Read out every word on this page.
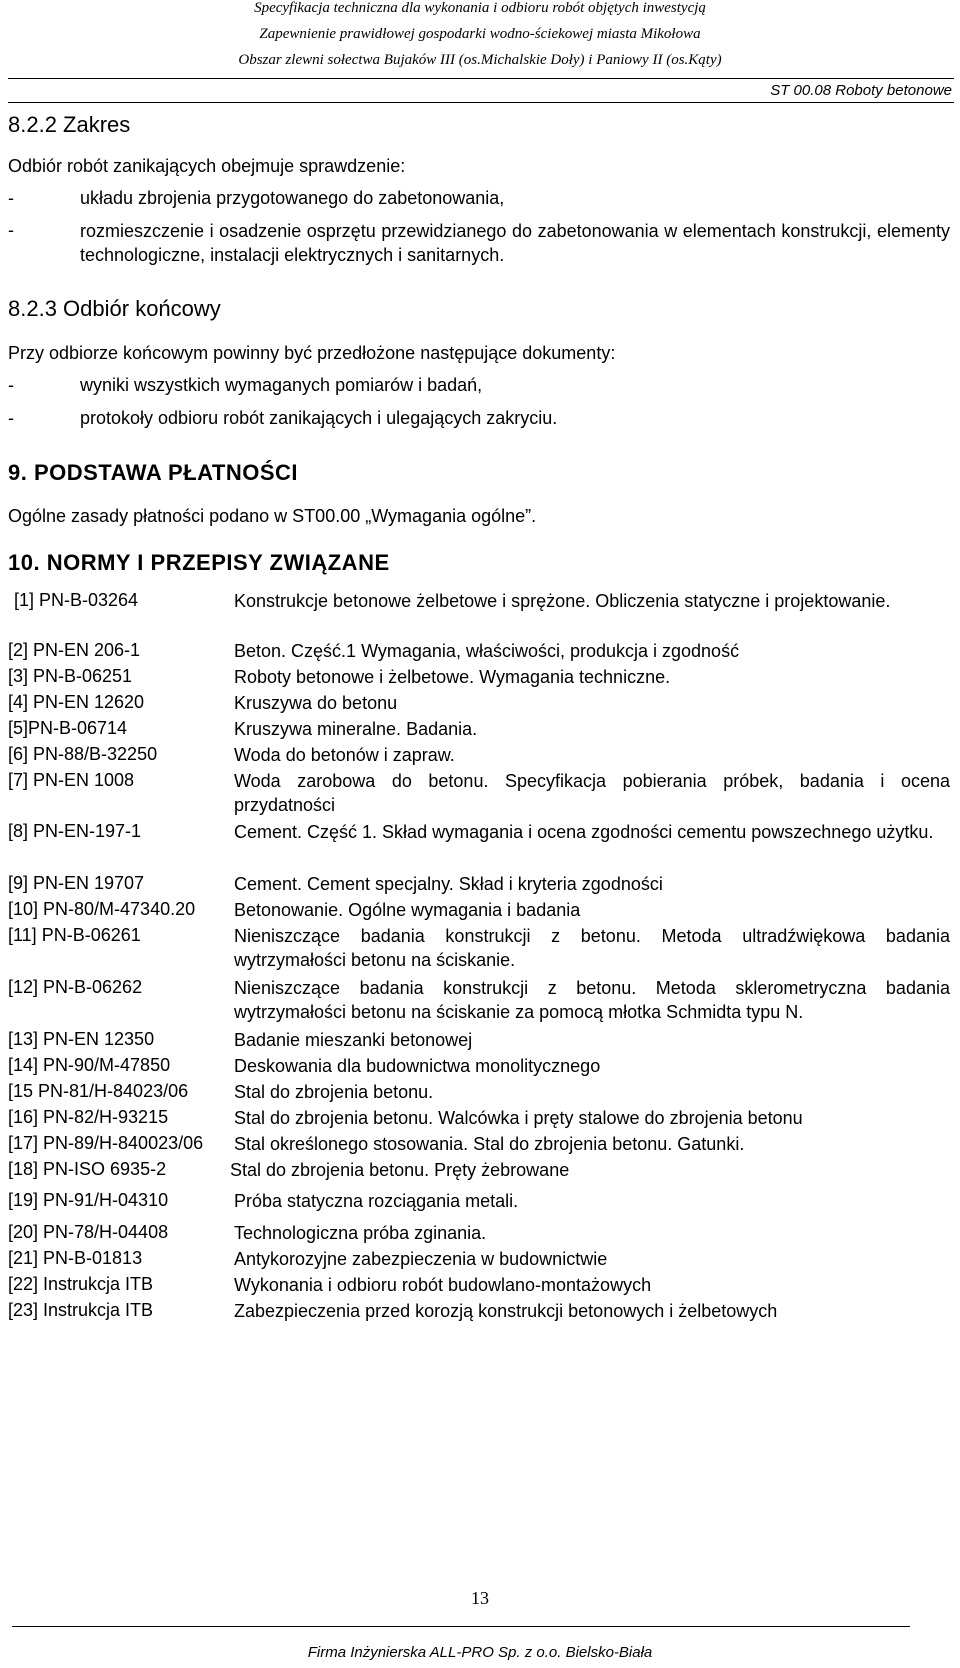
Specyfikacja techniczna dla wykonania i odbioru robót objętych inwestycją
Zapewnienie prawidłowej gospodarki wodno-ściekowej miasta Mikołowa
Obszar zlewni sołectwa Bujaków III (os.Michalskie Doły) i Paniowy II (os.Kąty)
ST 00.08 Roboty betonowe
8.2.2 Zakres
Odbiór robót zanikających obejmuje sprawdzenie:
-	układu zbrojenia przygotowanego do zabetonowania,
-	rozmieszczenie i osadzenie osprzętu przewidzianego do zabetonowania w elementach konstrukcji, elementy technologiczne, instalacji elektrycznych i sanitarnych.
8.2.3 Odbiór końcowy
Przy odbiorze końcowym powinny być przedłożone następujące dokumenty:
-	wyniki wszystkich wymaganych pomiarów i badań,
-	protokoły odbioru robót zanikających i ulegających zakryciu.
9. PODSTAWA PŁATNOŚCI
Ogólne zasady płatności podano w ST00.00 „Wymagania ogólne”.
10. NORMY I PRZEPISY ZWIĄZANE
[1] PN-B-03264	Konstrukcje betonowe żelbetowe i sprężone. Obliczenia statyczne i projektowanie.
[2] PN-EN 206-1	Beton. Część.1 Wymagania, właściwości, produkcja i zgodność
[3] PN-B-06251	Roboty betonowe i żelbetowe. Wymagania techniczne.
[4] PN-EN 12620	Kruszywa do betonu
[5]PN-B-06714	Kruszywa mineralne. Badania.
[6] PN-88/B-32250	Woda do betonów i zapraw.
[7] PN-EN 1008	Woda zarobowa do betonu. Specyfikacja pobierania próbek, badania i ocena przydatności
[8] PN-EN-197-1	Cement. Część 1. Skład wymagania i ocena zgodności cementu powszechnego użytku.
[9] PN-EN 19707	Cement. Cement specjalny. Skład i kryteria zgodności
[10] PN-80/M-47340.20 Betonowanie. Ogólne wymagania i badania
[11] PN-B-06261	Nieniszczące badania konstrukcji z betonu. Metoda ultradźwiękowa badania wytrzymałości betonu na ściskanie.
[12] PN-B-06262	Nieniszczące badania konstrukcji z betonu. Metoda sklerometryczna badania wytrzymałości betonu na ściskanie za pomocą młotka Schmidta typu N.
[13] PN-EN 12350	Badanie mieszanki betonowej
[14] PN-90/M-47850	Deskowania dla budownictwa monolitycznego
[15 PN-81/H-84023/06	Stal do zbrojenia betonu.
[16] PN-82/H-93215	Stal do zbrojenia betonu. Walcówka i pręty stalowe do zbrojenia betonu
[17] PN-89/H-840023/06 Stal określonego stosowania. Stal do zbrojenia betonu. Gatunki.
[18] PN-ISO 6935-2	Stal do zbrojenia betonu. Pręty żebrowane
[19] PN-91/H-04310	Próba statyczna rozciągania metali.
[20] PN-78/H-04408	Technologiczna próba zginania.
[21] PN-B-01813	Antykorozyjne zabezpieczenia w budownictwie
[22] Instrukcja ITB	Wykonania i odbioru robót budowlano-montażowych
[23] Instrukcja ITB	Zabezpieczenia przed korozją konstrukcji betonowych i żelbetowych
13
Firma Inżynierska ALL-PRO Sp. z o.o. Bielsko-Biała
